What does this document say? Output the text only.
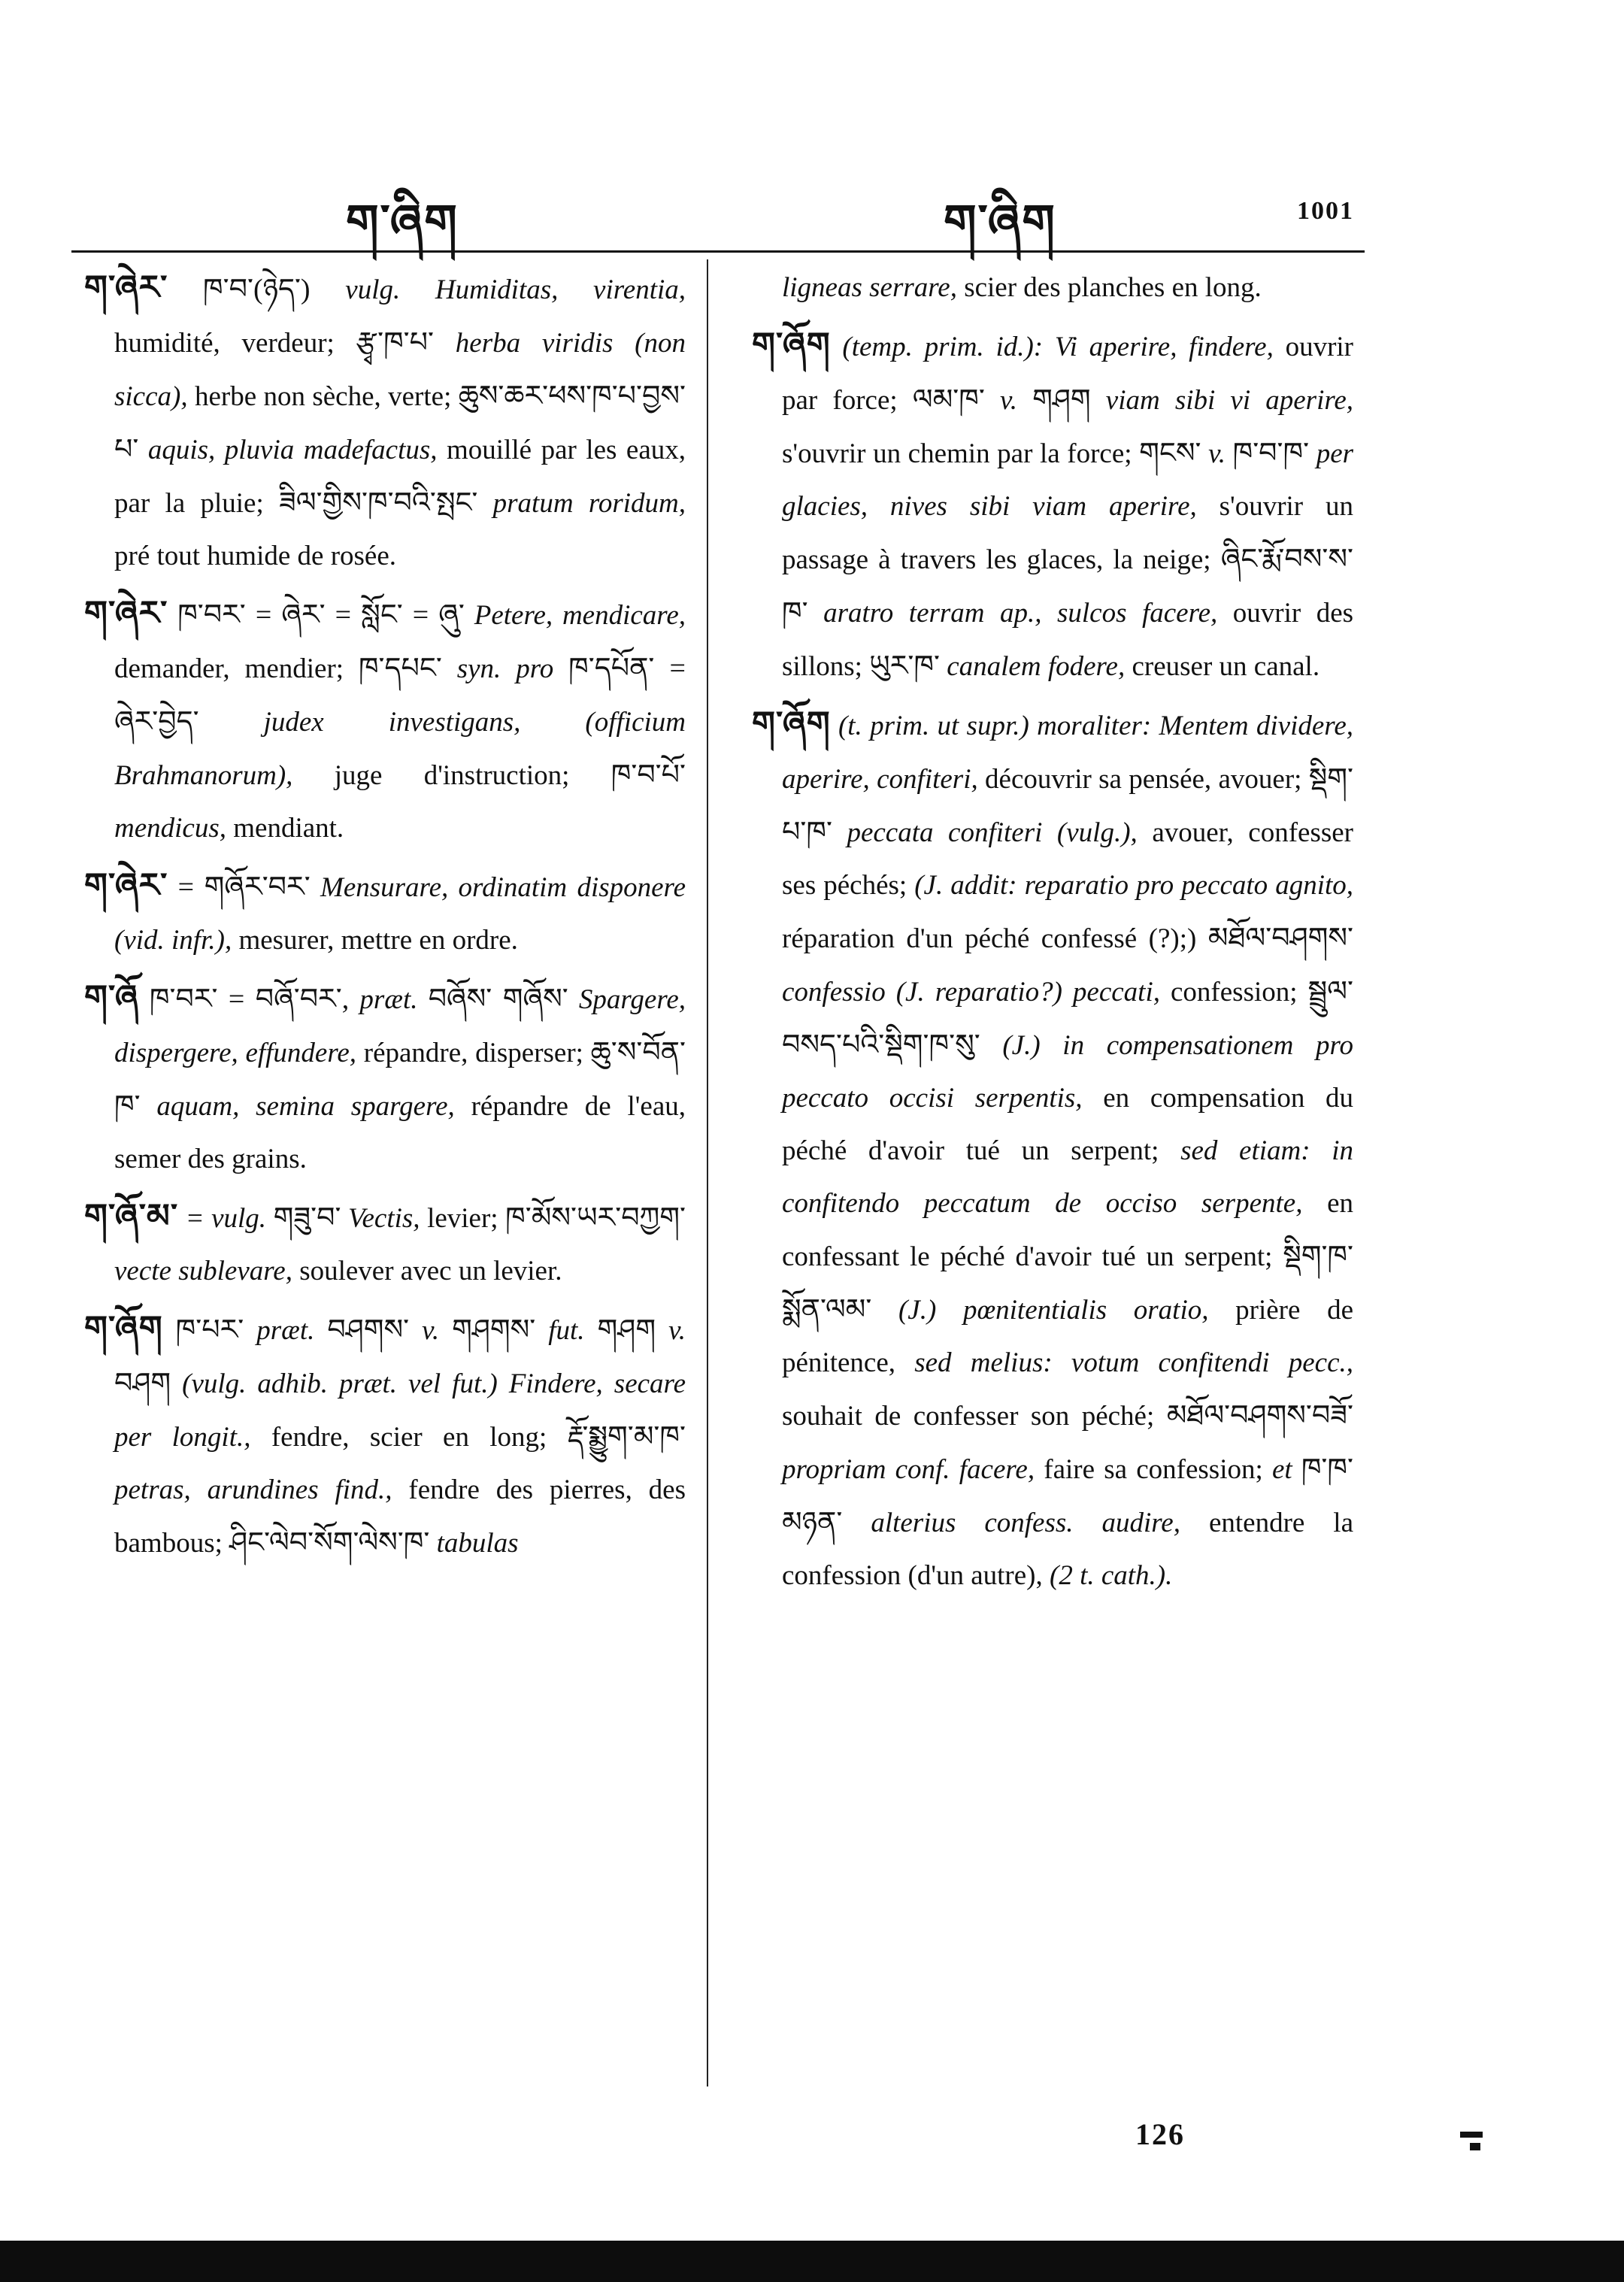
ག་ཞིག	ག་ཞིག	1001

ག་ཞེར་ ཁ་བ་(ཉེད་) vulg. Humiditas, virentia, humidité, verdeur; རྩྭ་ཁ་པ་ herba viridis (non sicca), herbe non sèche, verte; ཆུས་ཆར་ཕས་ཁ་པ་བྱས་པ་ aquis, pluvia madefactus, mouillé par les eaux, par la pluie; ཟིལ་གྱིས་ཁ་བའི་སྤང་ pratum roridum, pré tout humide de rosée.

ག་ཞེར་ ཁ་བར་ = ཞེར་ = སློང་ = ཞུ་ Petere, mendicare, demander, mendier; ཁ་དཔང་ syn. pro ཁ་དཔོན་ = ཞེར་བྱེད་ judex investigans, (officium Brahmanorum), juge d'instruction; ཁ་བ་པོ་ mendicus, mendiant.

ག་ཞེར་ = གཞོར་བར་ Mensurare, ordinatim disponere (vid. infr.), mesurer, mettre en ordre.

ག་ཞོ ཁ་བར་ = བཞོ་བར་, præt. བཞོས་ གཞོས་ Spargere, dispergere, effundere, répandre, disperser; ཆུ་ས་བོན་ཁ་ aquam, semina spargere, répandre de l'eau, semer des grains.

ག་ཞོ་མ་ = vulg. གཟུ་བ་ Vectis, levier; ཁ་མོས་ཡར་བཀྱག་ vecte sublevare, soulever avec un levier.

ག་ཞོག ཁ་པར་ præt. བཤགས་ v. གཤགས་ fut. གཤག v. བཤག (vulg. adhib. præt. vel fut.) Findere, secare per longit., fendre, scier en long; རྡོ་སྨྱུག་མ་ཁ་ petras, arundines find., fendre des pierres, des bambous; ཤིང་ལེབ་སོག་ལེས་ཁ་ tabulas

ligneas serrare, scier des planches en long.

ག་ཞོག (temp. prim. id.): Vi aperire, findere, ouvrir par force; ལམ་ཁ་ v. གཤག viam sibi vi aperire, s'ouvrir un chemin par la force; གངས་ v. ཁ་བ་ཁ་ per glacies, nives sibi viam aperire, s'ouvrir un passage à travers les glaces, la neige; ཞིང་རྨོ་བས་ས་ཁ་ aratro terram ap., sulcos facere, ouvrir des sillons; ཡུར་ཁ་ canalem fodere, creuser un canal.

ག་ཞོག (t. prim. ut supr.) moraliter: Mentem dividere, aperire, confiteri, découvrir sa pensée, avouer; སྡིག་པ་ཁ་ peccata confiteri (vulg.), avouer, confesser ses péchés; (J. addit: reparatio pro peccato agnito, réparation d'un péché confessé (?);) མཐོལ་བཤགས་ confessio (J. reparatio?) peccati, confession; སྦྲུལ་བསད་པའི་སྡིག་ཁ་སུ་ (J.) in compensationem pro peccato occisi serpentis, en compensation du péché d'avoir tué un serpent; sed etiam: in confitendo peccatum de occiso serpente, en confessant le péché d'avoir tué un serpent; སྡིག་ཁ་སྨོན་ལམ་ (J.) pœnitentialis oratio, prière de pénitence, sed melius: votum confitendi pecc., souhait de confesser son péché; མཐོལ་བཤགས་བཟོ་ propriam conf. facere, faire sa confession; et ཁ་ཁ་མཉན་ alterius confess. audire, entendre la confession (d'un autre), (2 t. cath.).

126
